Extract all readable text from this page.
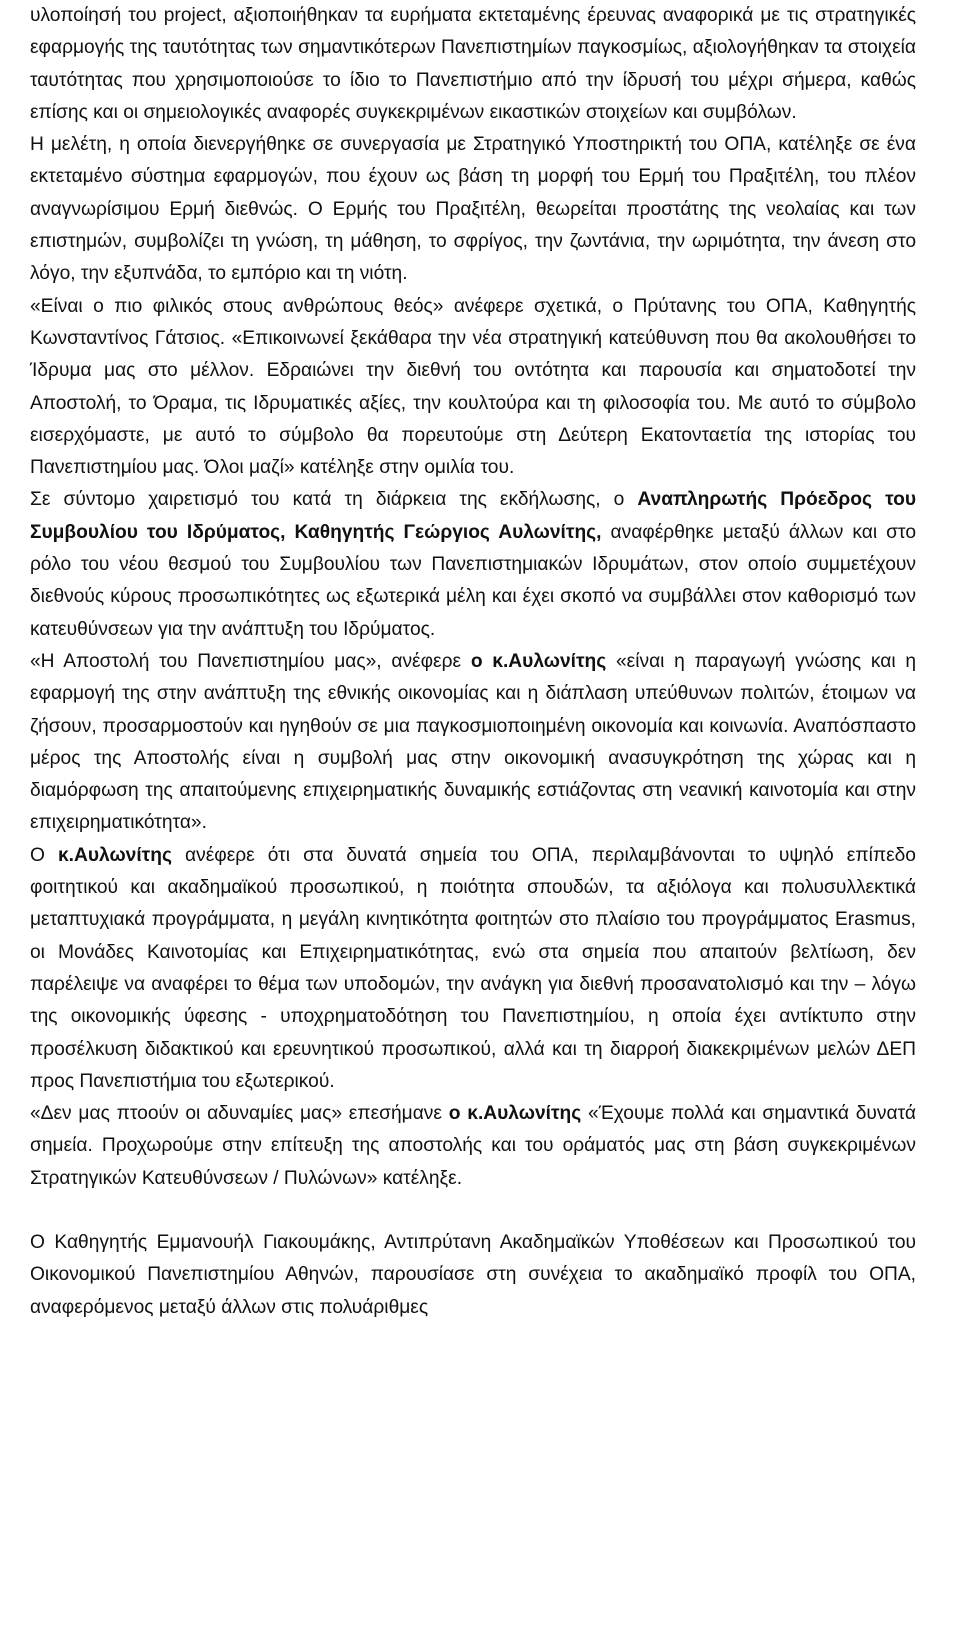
υλοποίησή του project, αξιοποιήθηκαν τα ευρήματα εκτεταμένης έρευνας αναφορικά με τις στρατηγικές εφαρμογής της ταυτότητας των σημαντικότερων Πανεπιστημίων παγκοσμίως, αξιολογήθηκαν τα στοιχεία ταυτότητας που χρησιμοποιούσε το ίδιο το Πανεπιστήμιο από την ίδρυσή του μέχρι σήμερα, καθώς επίσης και οι σημειολογικές αναφορές συγκεκριμένων εικαστικών στοιχείων και συμβόλων.

Η μελέτη, η οποία διενεργήθηκε σε συνεργασία με Στρατηγικό Υποστηρικτή του ΟΠΑ, κατέληξε σε ένα εκτεταμένο σύστημα εφαρμογών, που έχουν ως βάση τη μορφή του Ερμή του Πραξιτέλη, του πλέον αναγνωρίσιμου Ερμή διεθνώς. Ο Ερμής του Πραξιτέλη, θεωρείται προστάτης της νεολαίας και των επιστημών, συμβολίζει τη γνώση, τη μάθηση, το σφρίγος, την ζωντάνια, την ωριμότητα, την άνεση στο λόγο, την εξυπνάδα, το εμπόριο και τη νιότη.

«Είναι ο πιο φιλικός στους ανθρώπους θεός» ανέφερε σχετικά, ο Πρύτανης του ΟΠΑ, Καθηγητής Κωνσταντίνος Γάτσιος. «Επικοινωνεί ξεκάθαρα την νέα στρατηγική κατεύθυνση που θα ακολουθήσει το Ίδρυμα μας στο μέλλον. Εδραιώνει την διεθνή του οντότητα και παρουσία και σηματοδοτεί την Αποστολή, το Όραμα, τις Ιδρυματικές αξίες, την κουλτούρα και τη φιλοσοφία του. Με αυτό το σύμβολο εισερχόμαστε, με αυτό το σύμβολο θα πορευτούμε στη Δεύτερη Εκατονταετία της ιστορίας του Πανεπιστημίου μας. Όλοι μαζί» κατέληξε στην ομιλία του.

Σε σύντομο χαιρετισμό του κατά τη διάρκεια της εκδήλωσης, ο Αναπληρωτής Πρόεδρος του Συμβουλίου του Ιδρύματος, Καθηγητής Γεώργιος Αυλωνίτης, αναφέρθηκε μεταξύ άλλων και στο ρόλο του νέου θεσμού του Συμβουλίου των Πανεπιστημιακών Ιδρυμάτων, στον οποίο συμμετέχουν διεθνούς κύρους προσωπικότητες ως εξωτερικά μέλη και έχει σκοπό να συμβάλλει στον καθορισμό των κατευθύνσεων για την ανάπτυξη του Ιδρύματος.

«Η Αποστολή του Πανεπιστημίου μας», ανέφερε ο κ.Αυλωνίτης «είναι η παραγωγή γνώσης και η εφαρμογή της στην ανάπτυξη της εθνικής οικονομίας και η διάπλαση υπεύθυνων πολιτών, έτοιμων να ζήσουν, προσαρμοστούν και ηγηθούν σε μια παγκοσμιοποιημένη οικονομία και κοινωνία. Αναπόσπαστο μέρος της Αποστολής είναι η συμβολή μας στην οικονομική ανασυγκρότηση της χώρας και η διαμόρφωση της απαιτούμενης επιχειρηματικής δυναμικής εστιάζοντας στη νεανική καινοτομία και στην επιχειρηματικότητα».

Ο κ.Αυλωνίτης ανέφερε ότι στα δυνατά σημεία του ΟΠΑ, περιλαμβάνονται το υψηλό επίπεδο φοιτητικού και ακαδημαϊκού προσωπικού, η ποιότητα σπουδών, τα αξιόλογα και πολυσυλλεκτικά μεταπτυχιακά προγράμματα, η μεγάλη κινητικότητα φοιτητών στο πλαίσιο του προγράμματος Erasmus, οι Μονάδες Καινοτομίας και Επιχειρηματικότητας, ενώ στα σημεία που απαιτούν βελτίωση, δεν παρέλειψε να αναφέρει το θέμα των υποδομών, την ανάγκη για διεθνή προσανατολισμό και την – λόγω της οικονομικής ύφεσης - υποχρηματοδότηση του Πανεπιστημίου, η οποία έχει αντίκτυπο στην προσέλκυση διδακτικού και ερευνητικού προσωπικού, αλλά και τη διαρροή διακεκριμένων μελών ΔΕΠ προς Πανεπιστήμια του εξωτερικού.

«Δεν μας πτοούν οι αδυναμίες μας» επεσήμανε ο κ.Αυλωνίτης «Έχουμε πολλά και σημαντικά δυνατά σημεία. Προχωρούμε στην επίτευξη της αποστολής και του οράματός μας στη βάση συγκεκριμένων Στρατηγικών Κατευθύνσεων / Πυλώνων» κατέληξε.

Ο Καθηγητής Εμμανουήλ Γιακουμάκης, Αντιπρύτανη Ακαδημαϊκών Υποθέσεων και Προσωπικού του Οικονομικού Πανεπιστημίου Αθηνών, παρουσίασε στη συνέχεια το ακαδημαϊκό προφίλ του ΟΠΑ, αναφερόμενος μεταξύ άλλων στις πολυάριθμες
